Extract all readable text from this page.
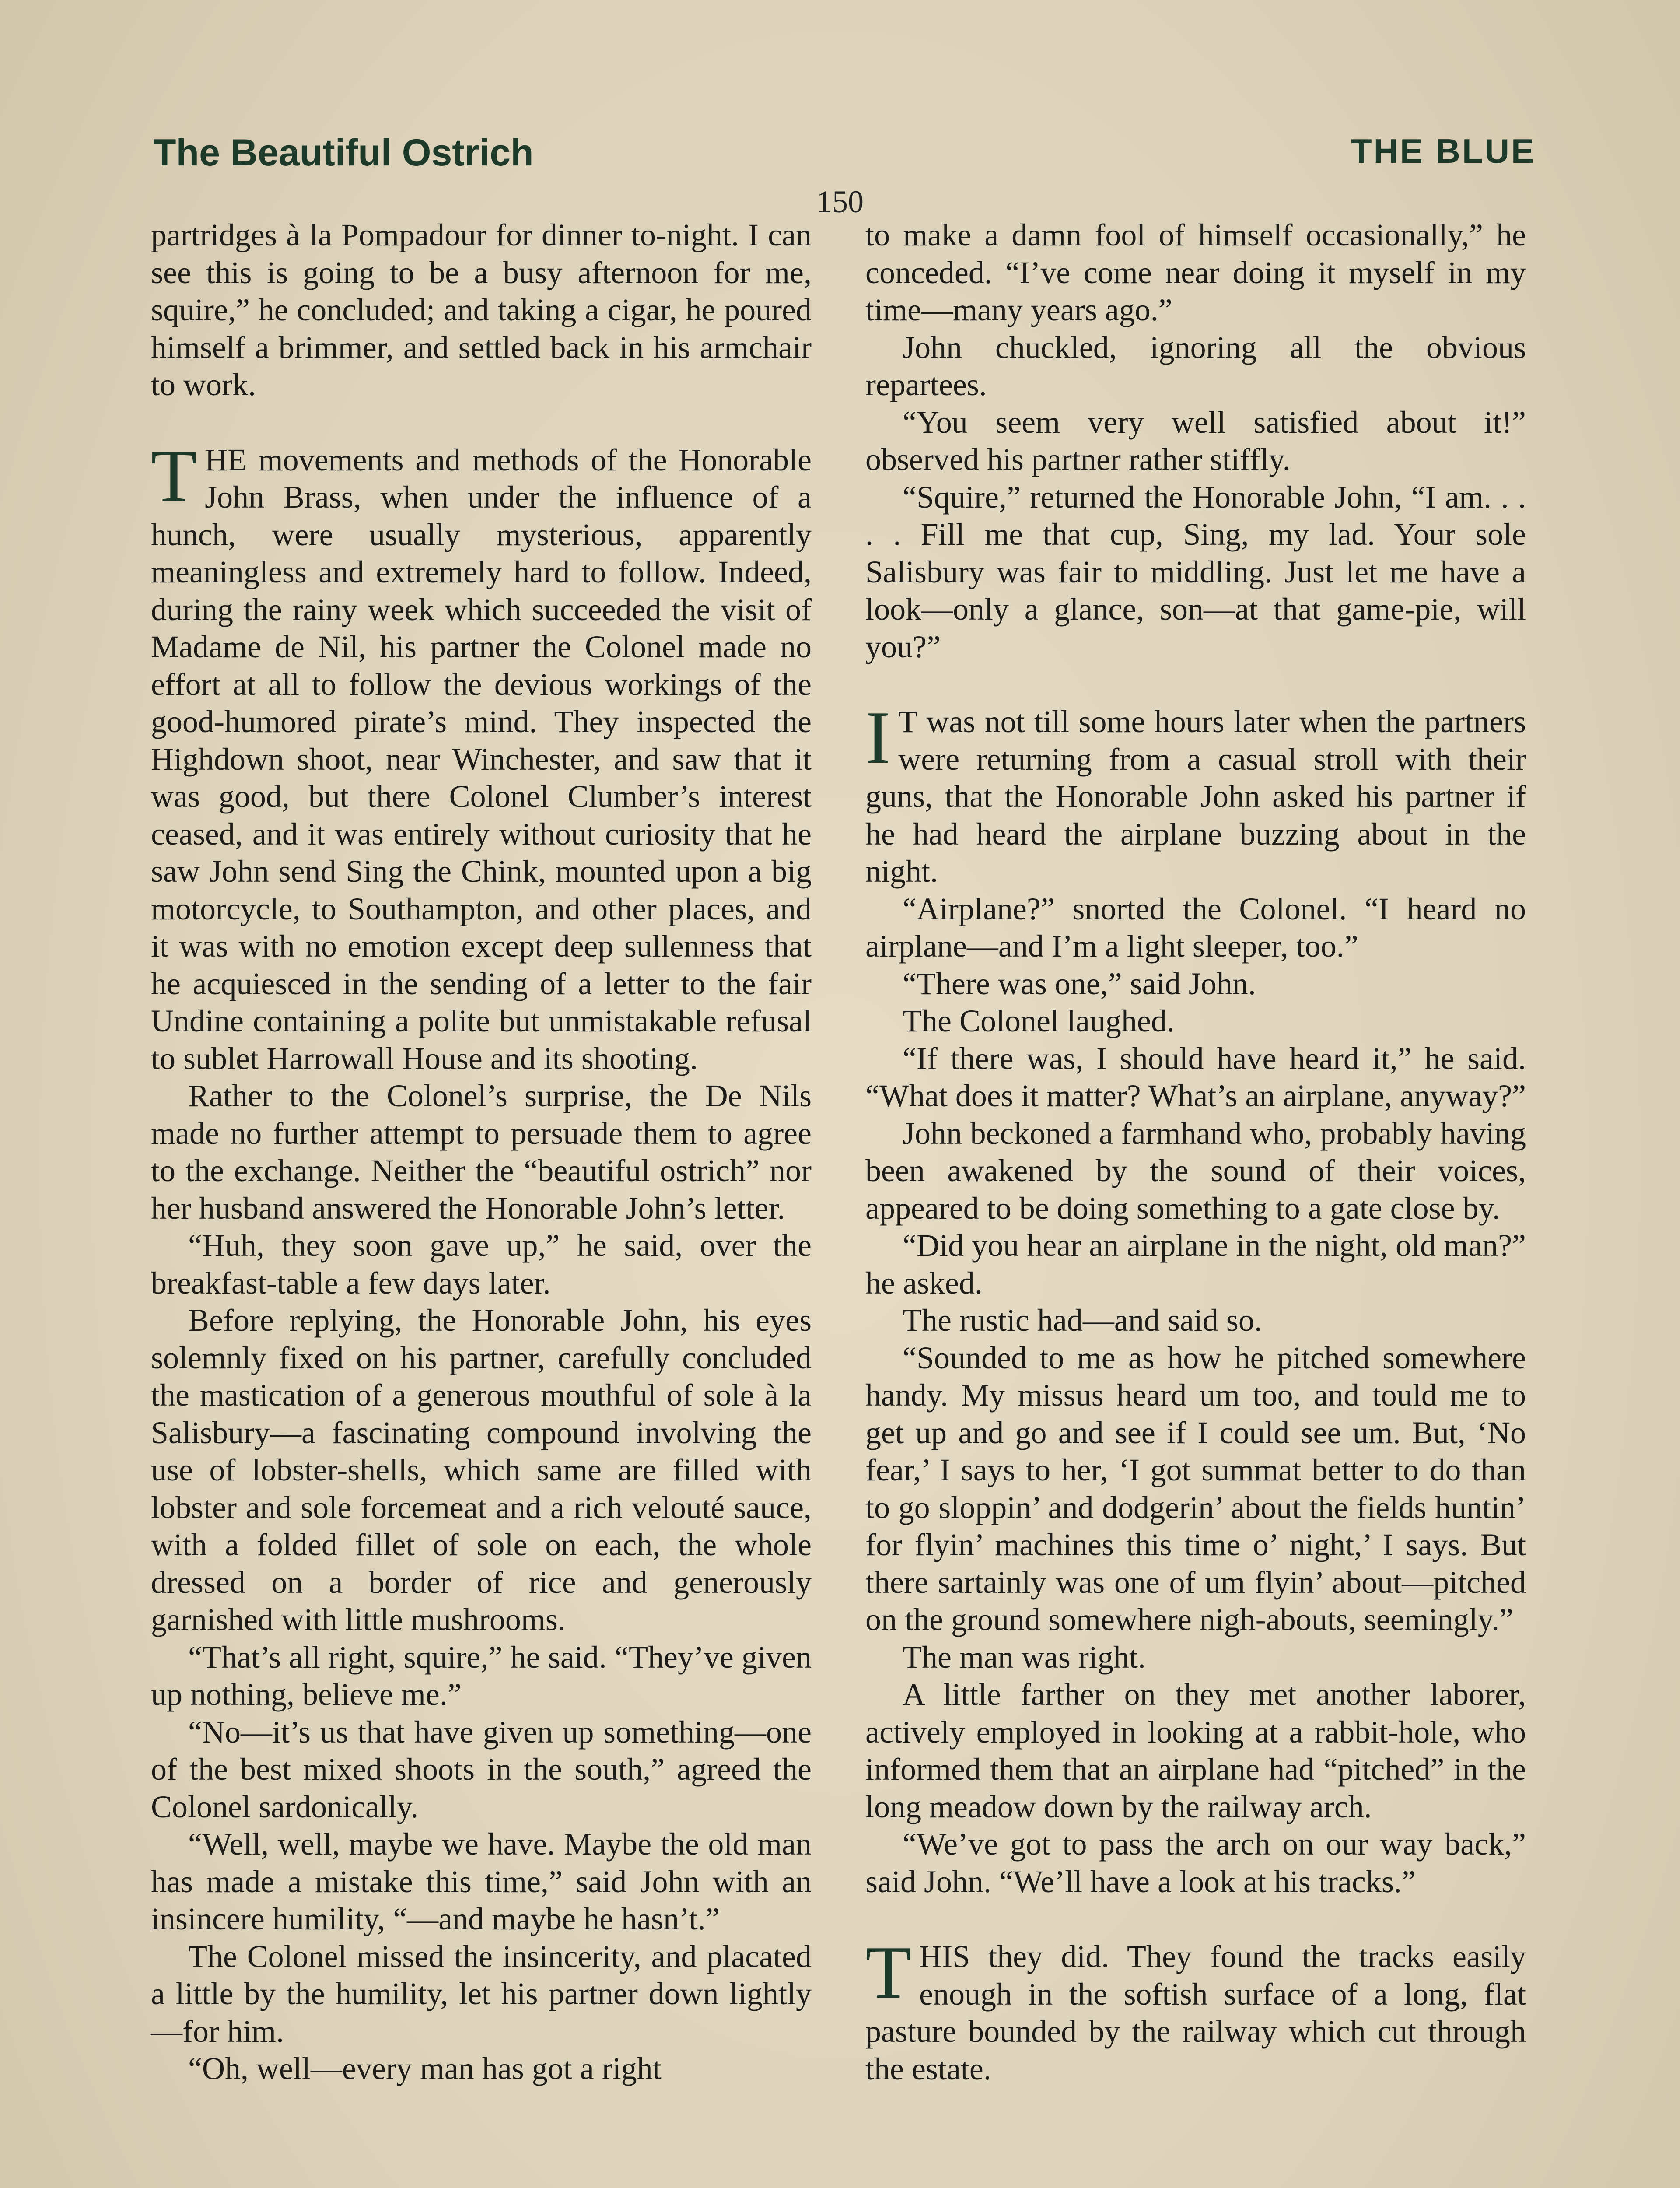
The Beautiful Ostrich	THE BLUE
150

partridges à la Pompadour for dinner to-night. I can see this is going to be a busy afternoon for me, squire,” he concluded; and taking a cigar, he poured himself a brimmer, and settled back in his armchair to work.

THE movements and methods of the Honorable John Brass, when under the influence of a hunch, were usually mysterious, apparently meaningless and extremely hard to follow. Indeed, during the rainy week which succeeded the visit of Madame de Nil, his partner the Colonel made no effort at all to follow the devious workings of the good-humored pirate’s mind. They inspected the Highdown shoot, near Winchester, and saw that it was good, but there Colonel Clumber’s interest ceased, and it was entirely without curiosity that he saw John send Sing the Chink, mounted upon a big motorcycle, to Southampton, and other places, and it was with no emotion except deep sullenness that he acquiesced in the sending of a letter to the fair Undine containing a polite but unmistakable refusal to sublet Harrowall House and its shooting.

Rather to the Colonel’s surprise, the De Nils made no further attempt to persuade them to agree to the exchange. Neither the “beautiful ostrich” nor her husband answered the Honorable John’s letter.

“Huh, they soon gave up,” he said, over the breakfast-table a few days later.

Before replying, the Honorable John, his eyes solemnly fixed on his partner, carefully concluded the mastication of a generous mouthful of sole à la Salisbury—a fascinating compound involving the use of lobster-shells, which same are filled with lobster and sole forcemeat and a rich velouté sauce, with a folded fillet of sole on each, the whole dressed on a border of rice and generously garnished with little mushrooms.

“That’s all right, squire,” he said. “They’ve given up nothing, believe me.”

“No—it’s us that have given up something—one of the best mixed shoots in the south,” agreed the Colonel sardonically.

“Well, well, maybe we have. Maybe the old man has made a mistake this time,” said John with an insincere humility, “—and maybe he hasn’t.”

The Colonel missed the insincerity, and placated a little by the humility, let his partner down lightly—for him.

“Oh, well—every man has got a right

to make a damn fool of himself occasionally,” he conceded. “I’ve come near doing it myself in my time—many years ago.”

John chuckled, ignoring all the obvious repartees.

“You seem very well satisfied about it!” observed his partner rather stiffly.

“Squire,” returned the Honorable John, “I am. . . . . Fill me that cup, Sing, my lad. Your sole Salisbury was fair to middling. Just let me have a look—only a glance, son—at that game-pie, will you?”

I T was not till some hours later when the partners were returning from a casual stroll with their guns, that the Honorable John asked his partner if he had heard the airplane buzzing about in the night.

“Airplane?” snorted the Colonel. “I heard no airplane—and I’m a light sleeper, too.”

“There was one,” said John.

The Colonel laughed.

“If there was, I should have heard it,” he said. “What does it matter? What’s an airplane, anyway?”

John beckoned a farmhand who, probably having been awakened by the sound of their voices, appeared to be doing something to a gate close by.

“Did you hear an airplane in the night, old man?” he asked.

The rustic had—and said so.

“Sounded to me as how he pitched somewhere handy. My missus heard um too, and tould me to get up and go and see if I could see um. But, ‘No fear,’ I says to her, ‘I got summat better to do than to go sloppin’ and dodgerin’ about the fields huntin’ for flyin’ machines this time o’ night,’ I says. But there sartainly was one of um flyin’ about—pitched on the ground somewhere nigh-abouts, seemingly.”

The man was right.

A little farther on they met another laborer, actively employed in looking at a rabbit-hole, who informed them that an airplane had “pitched” in the long meadow down by the railway arch.

“We’ve got to pass the arch on our way back,” said John. “We’ll have a look at his tracks.”

THIS they did. They found the tracks easily enough in the softish surface of a long, flat pasture bounded by the railway which cut through the estate.
